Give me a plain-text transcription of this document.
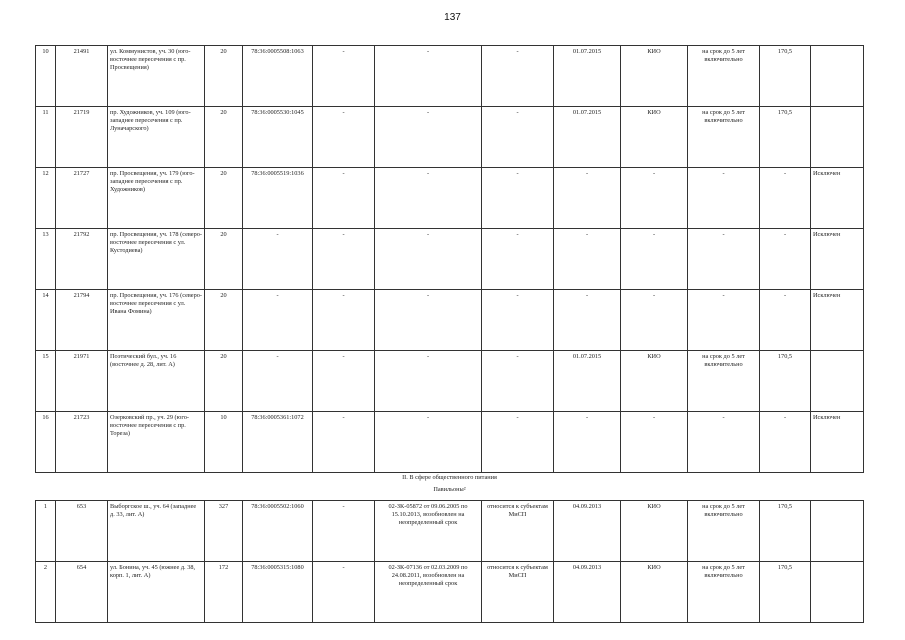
137
10	21491	ул. Коммунистов, уч. 30 (юго-восточнее пересечения с пр. Просвещения)	20	78:36:0005508:1063	-	-	-	01.07.2015	КИО	на срок до 5 лет включительно	170,5	
11	21719	пр. Художников, уч. 109 (юго-западнее пересечения с пр. Луначарского)	20	78:36:0005530:1045	-	-	-	01.07.2015	КИО	на срок до 5 лет включительно	170,5	
12	21727	пр. Просвещения, уч. 179 (юго-западнее пересечения с пр. Художников)	20	78:36:0005519:1036	-	-	-	-	-	-	-	Исключен
13	21792	пр. Просвещения, уч. 178 (северо-восточнее пересечения с ул. Кустодиева)	20	-	-	-	-	-	-	-	-	Исключен
14	21794	пр. Просвещения, уч. 176 (северо-восточнее пересечения с ул. Ивана Фомина)	20	-	-	-	-	-	-	-	-	Исключен
15	21971	Поэтический бул., уч. 16 (восточнее д. 28, лит. А)	20	-	-	-	-	01.07.2015	КИО	на срок до 5 лет включительно	170,5	
16	21723	Озерковский пр., уч. 29 (юго-восточнее пересечения с пр. Тореза)	10	78:36:0005361:1072	-	-	-	-	-	-	-	Исключен
II. В сфере общественного питания												
Павильоны²												
1	653	Выборгское ш., уч. 64 (западнее д. 33, лит. А)	327	78:36:0005502:1060	-	02-ЗК-05872 от 09.06.2005 по 15.10.2013, возобновлен на неопределенный срок	относится к субъектам МиСП	04.09.2013	КИО	на срок до 5 лет включительно	170,5	
2	654	ул. Бонина, уч. 45 (южнее д. 38, корп. 1, лит. А)	172	78:36:0005315:1080	-	02-ЗК-07136 от 02.03.2009 по 24.08.2011, возобновлен на неопределенный срок	относится к субъектам МиСП	04.09.2013	КИО	на срок до 5 лет включительно	170,5	
